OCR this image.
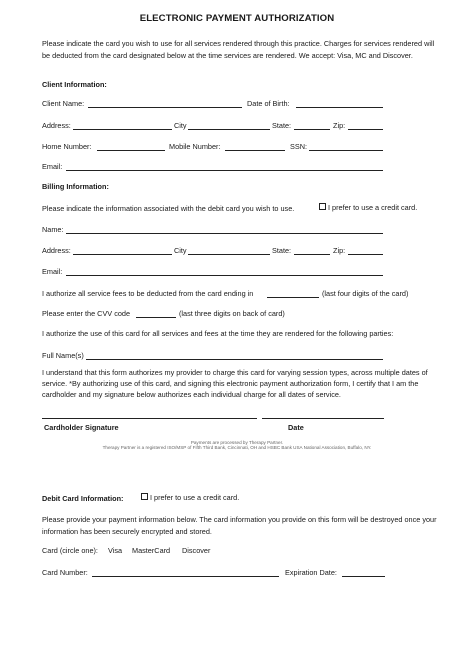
ELECTRONIC PAYMENT AUTHORIZATION
Please indicate the card you wish to use for all services rendered through this practice. Charges for services rendered will be deducted from the card designated below at the time services are rendered. We accept: Visa, MC and Discover.
Client Information:
Client Name:	Date of Birth:
Address:	City	State:	Zip:
Home Number:	Mobile Number:	SSN:
Email:
Billing Information:
Please indicate the information associated with the debit card you wish to use.	I prefer to use a credit card.
Name:
Address:	City	State:	Zip:
Email:
I authorize all service fees to be deducted from the card ending in	(last four digits of the card)
Please enter the CVV code	(last three digits on back of card)
I authorize the use of this card for all services and fees at the time they are rendered for the following parties:
Full Name(s)
I understand that this form authorizes my provider to charge this card for varying session types, across multiple dates of service. *By authorizing use of this card, and signing this electronic payment authorization form, I certify that I am the cardholder and my signature below authorizes each individual charge for all dates of service.
Cardholder Signature	Date
Payments are processed by Therapy Partner.
Therapy Partner is a registered ISO/MSP of Fifth Third Bank, Cincinnati, OH and HSBC Bank USA National Association, Buffalo, NY.
Debit Card Information:	I prefer to use a credit card.
Please provide your payment information below. The card information you provide on this form will be destroyed once your information has been securely encrypted and stored.
Card (circle one): Visa MasterCard Discover
Card Number:	Expiration Date:
